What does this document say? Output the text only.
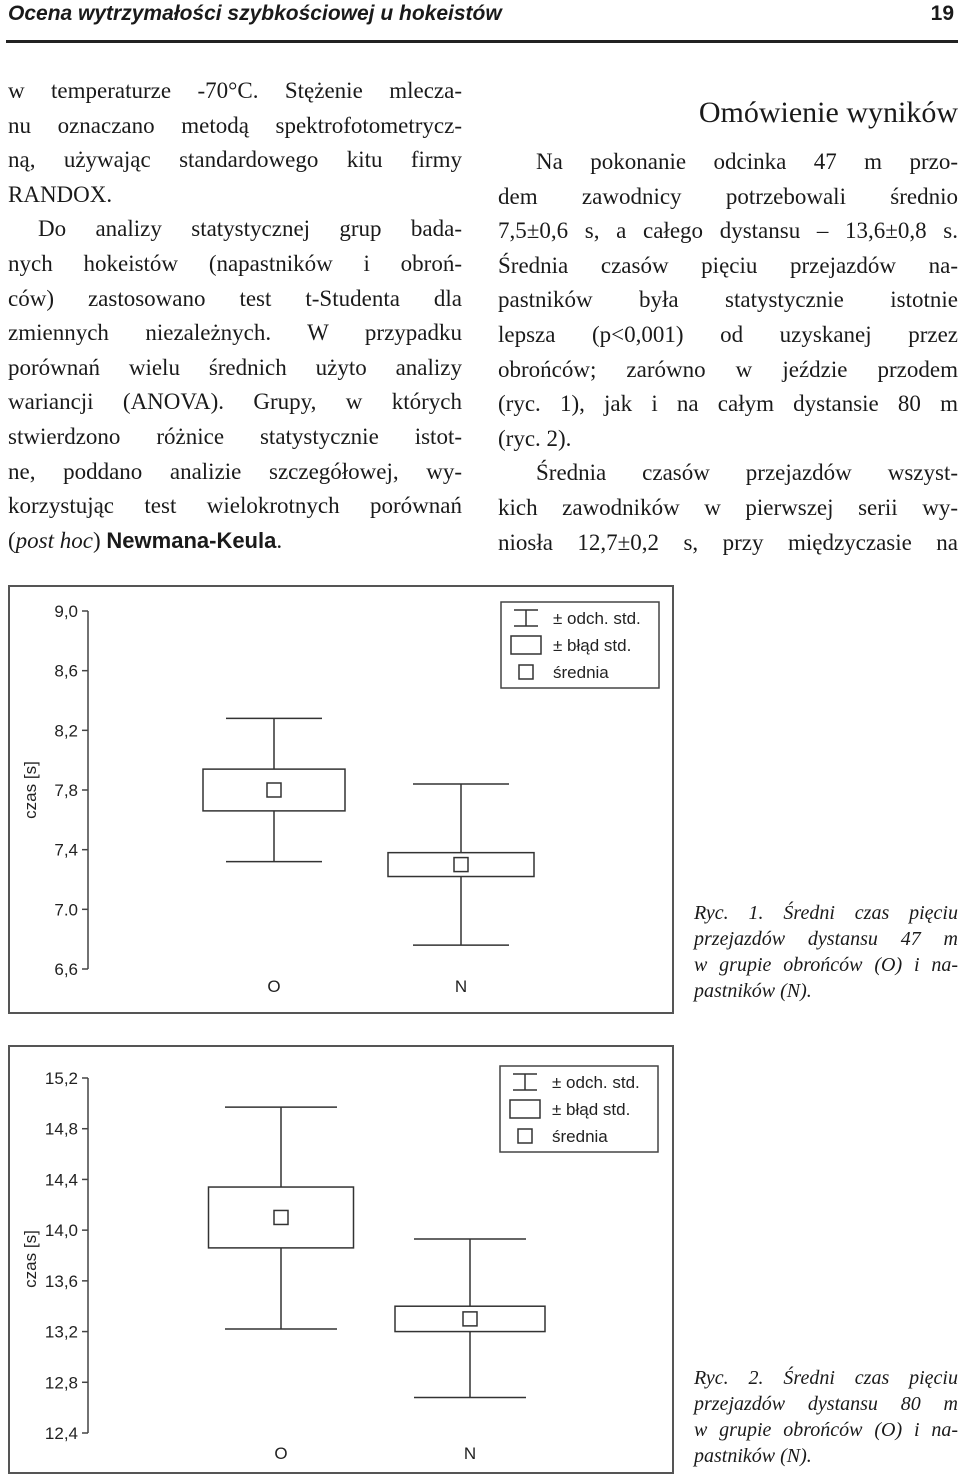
Ocena wytrzymałości szybkościowej u hokeistów	19
w temperaturze -70°C. Stężenie mlecza-
nu oznaczano metodą spektrofotometrycz-
ną, używając standardowego kitu firmy
RANDOX.
Do analizy statystycznej grup bada-
nych hokeistów (napastników i obroń-
ców) zastosowano test t-Studenta dla
zmiennych niezależnych. W przypadku
porównań wielu średnich użyto analizy
wariancji (ANOVA). Grupy, w których
stwierdzono różnice statystycznie istot-
ne, poddano analizie szczegółowej, wy-
korzystując test wielokrotnych porównań
(post hoc) Newmana-Keula.
Omówienie wyników
Na pokonanie odcinka 47 m przo-
dem zawodnicy potrzebowali średnio
7,5±0,6 s, a całego dystansu – 13,6±0,8 s.
Średnia czasów pięciu przejazdów na-
pastników była statystycznie istotnie
lepsza (p<0,001) od uzyskanej przez
obrońców; zarówno w jeździe przodem
(ryc. 1), jak i na całym dystansie 80 m
(ryc. 2).
Średnia czasów przejazdów wszyst-
kich zawodników w pierwszej serii wy-
niosła 12,7±0,2 s, przy międzyczasie na
9,0
8,6
8,2
7,8
7,4
7.0
6,6
czas [s]
O	N
± odch. std.
± błąd std.
średnia
Ryc. 1. Średni czas pięciu
przejazdów dystansu 47 m
w grupie obrońców (O) i na-
pastników (N).
15,2
14,8
14,4
14,0
13,6
13,2
12,8
12,4
czas [s]
O	N
± odch. std.
± błąd std.
średnia
Ryc. 2. Średni czas pięciu
przejazdów dystansu 80 m
w grupie obrońców (O) i na-
pastników (N).
